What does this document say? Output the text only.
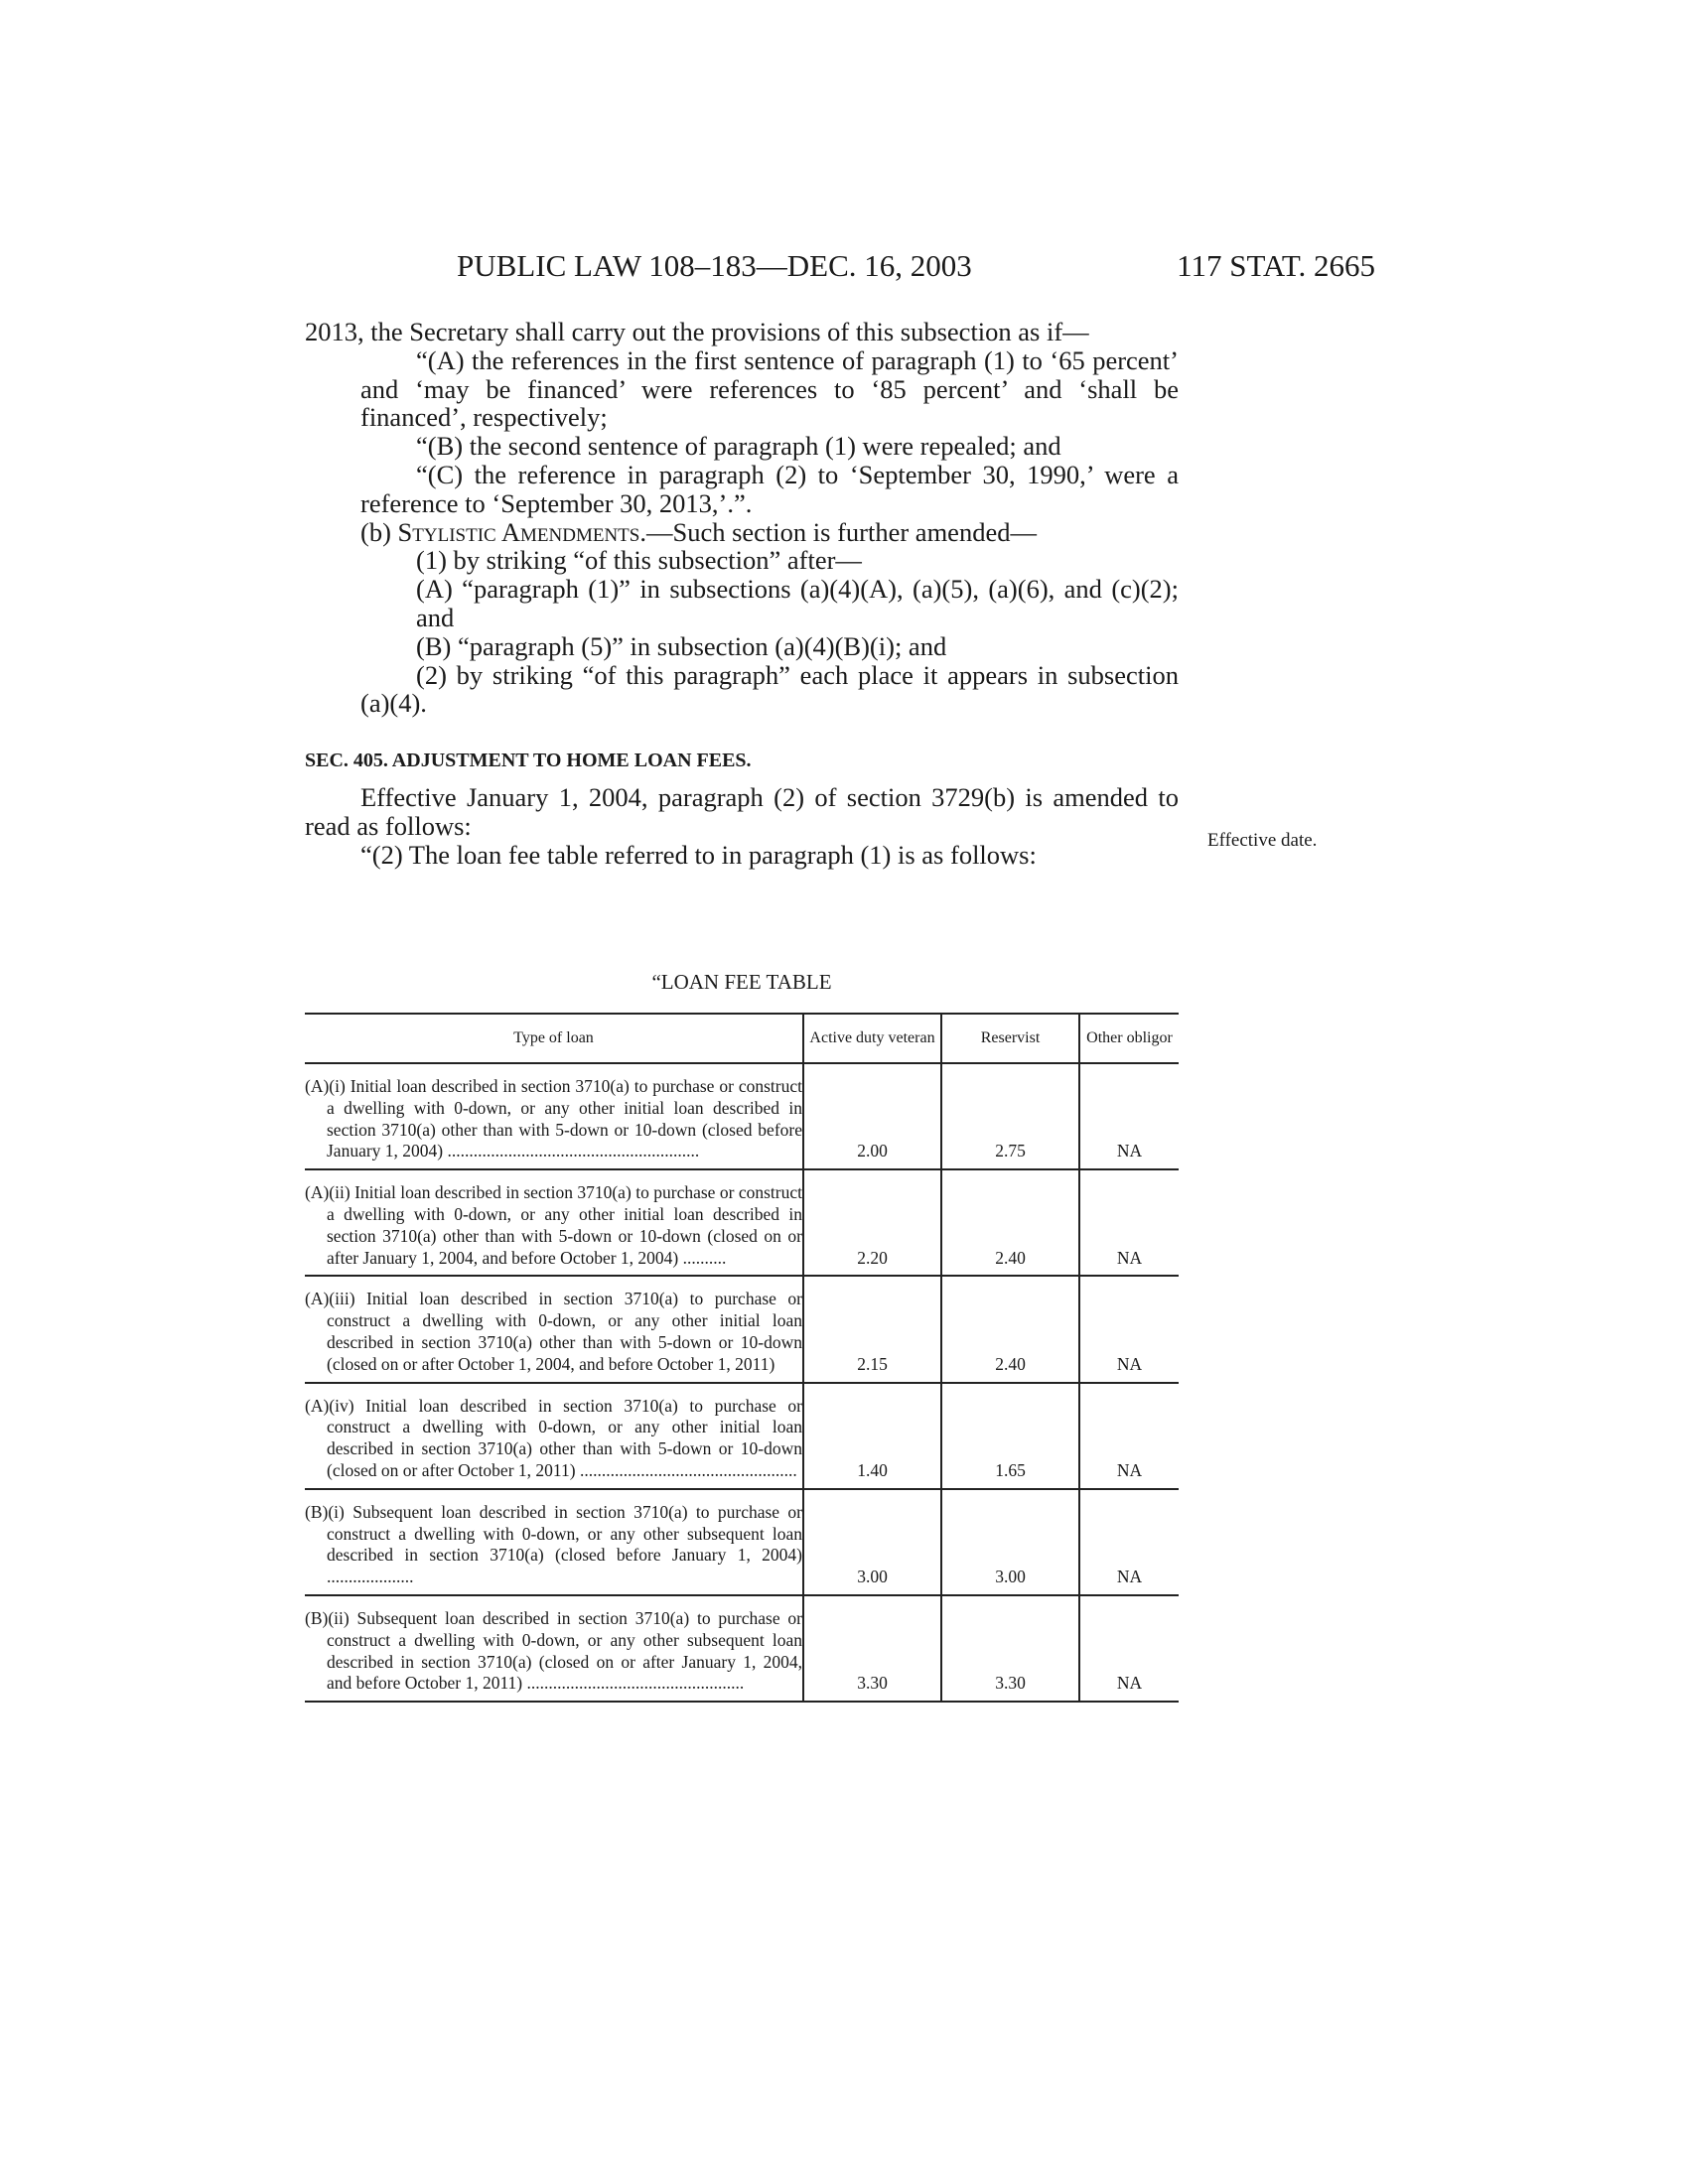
PUBLIC LAW 108–183—DEC. 16, 2003	117 STAT. 2665

2013, the Secretary shall carry out the provisions of this subsection as if—

“(A) the references in the first sentence of paragraph (1) to ‘65 percent’ and ‘may be financed’ were references to ‘85 percent’ and ‘shall be financed’, respectively;

“(B) the second sentence of paragraph (1) were repealed; and

“(C) the reference in paragraph (2) to ‘September 30, 1990,’ were a reference to ‘September 30, 2013,’.”.

(b) Stylistic Amendments.—Such section is further amended—

(1) by striking “of this subsection” after—

(A) “paragraph (1)” in subsections (a)(4)(A), (a)(5), (a)(6), and (c)(2); and

(B) “paragraph (5)” in subsection (a)(4)(B)(i); and

(2) by striking “of this paragraph” each place it appears in subsection (a)(4).

SEC. 405. ADJUSTMENT TO HOME LOAN FEES.

Effective January 1, 2004, paragraph (2) of section 3729(b) is amended to read as follows:

“(2) The loan fee table referred to in paragraph (1) is as follows:	Effective date.
“LOAN FEE TABLE
Type of loan	Active duty veteran	Reservist	Other obligor

(A)(i) Initial loan described in section 3710(a) to purchase or construct a dwelling with 0-down, or any other initial loan described in section 3710(a) other than with 5-down or 10-down (closed before January 1, 2004) ..........................................................	2.00	2.75	NA

(A)(ii) Initial loan described in section 3710(a) to purchase or construct a dwelling with 0-down, or any other initial loan described in section 3710(a) other than with 5-down or 10-down (closed on or after January 1, 2004, and before October 1, 2004) ..........	2.20	2.40	NA

(A)(iii) Initial loan described in section 3710(a) to purchase or construct a dwelling with 0-down, or any other initial loan described in section 3710(a) other than with 5-down or 10-down (closed on or after October 1, 2004, and before October 1, 2011)	2.15	2.40	NA

(A)(iv) Initial loan described in section 3710(a) to purchase or construct a dwelling with 0-down, or any other initial loan described in section 3710(a) other than with 5-down or 10-down (closed on or after October 1, 2011) ..................................................	1.40	1.65	NA

(B)(i) Subsequent loan described in section 3710(a) to purchase or construct a dwelling with 0-down, or any other subsequent loan described in section 3710(a) (closed before January 1, 2004) ....................	3.00	3.00	NA

(B)(ii) Subsequent loan described in section 3710(a) to purchase or construct a dwelling with 0-down, or any other subsequent loan described in section 3710(a) (closed on or after January 1, 2004, and before October 1, 2011) ..................................................	3.30	3.30	NA
